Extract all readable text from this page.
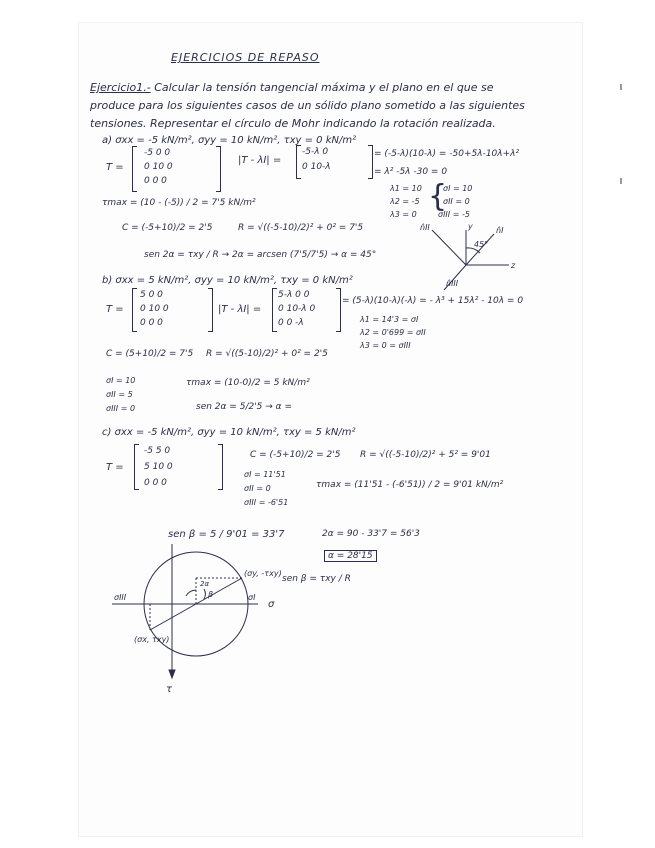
EJERCICIOS DE REPASO
Ejercicio1.- Calcular la tensión tangencial máxima y el plano en el que se
produce para los siguientes casos de un sólido plano sometido a las siguientes
tensiones. Representar el círculo de Mohr indicando la rotación realizada.
a) σxx = -5 kN/m², σyy = 10 kN/m², τxy = 0 kN/m²
T =
-5 0 0
0 10 0
0 0 0
|T - λI| =
-5-λ 0
0 10-λ
= (-5-λ)(10-λ) = -50+5λ-10λ+λ²
= λ² -5λ -30 = 0
λ1 = 10
λ2 = -5
λ3 = 0
{
σI = 10
σII = 0
σIII = -5
τmax = (10 - (-5)) / 2 = 7'5 kN/m²
C = (-5+10)/2 = 2'5	R = √((-5-10)/2)² + 0² = 7'5
sen 2α = τxy / R → 2α = arcsen (7'5/7'5) → α = 45°
45°
n̂I
n̂II
n̂III
y
z
b) σxx = 5 kN/m², σyy = 10 kN/m², τxy = 0 kN/m²
T =
5 0 0
0 10 0
0 0 0
|T - λI| =
5-λ 0 0
0 10-λ 0
0 0 -λ
= (5-λ)(10-λ)(-λ) = - λ³ + 15λ² - 10λ = 0
λ1 = 14'3 = σI
λ2 = 0'699 = σII
λ3 = 0 = σIII
C = (5+10)/2 = 7'5 R = √((5-10)/2)² + 0² = 2'5
σI = 10
σII = 5
σIII = 0
τmax = (10-0)/2 = 5 kN/m²
sen 2α = 5/2'5 → α =
c) σxx = -5 kN/m², σyy = 10 kN/m², τxy = 5 kN/m²
T =
-5 5 0
5 10 0
0 0 0
C = (-5+10)/2 = 2'5 R = √((-5-10)/2)² + 5² = 9'01
σI = 11'51
σII = 0
σIII = -6'51
τmax = (11'51 - (-6'51)) / 2 = 9'01 kN/m²
sen β = 5 / 9'01 = 33'7	2α = 90 - 33'7 = 56'3
α = 28'15
sen β = τxy / R
(σy, -τxy)
(σx, τxy)
σ
τ
σI
σIII
2α
β
